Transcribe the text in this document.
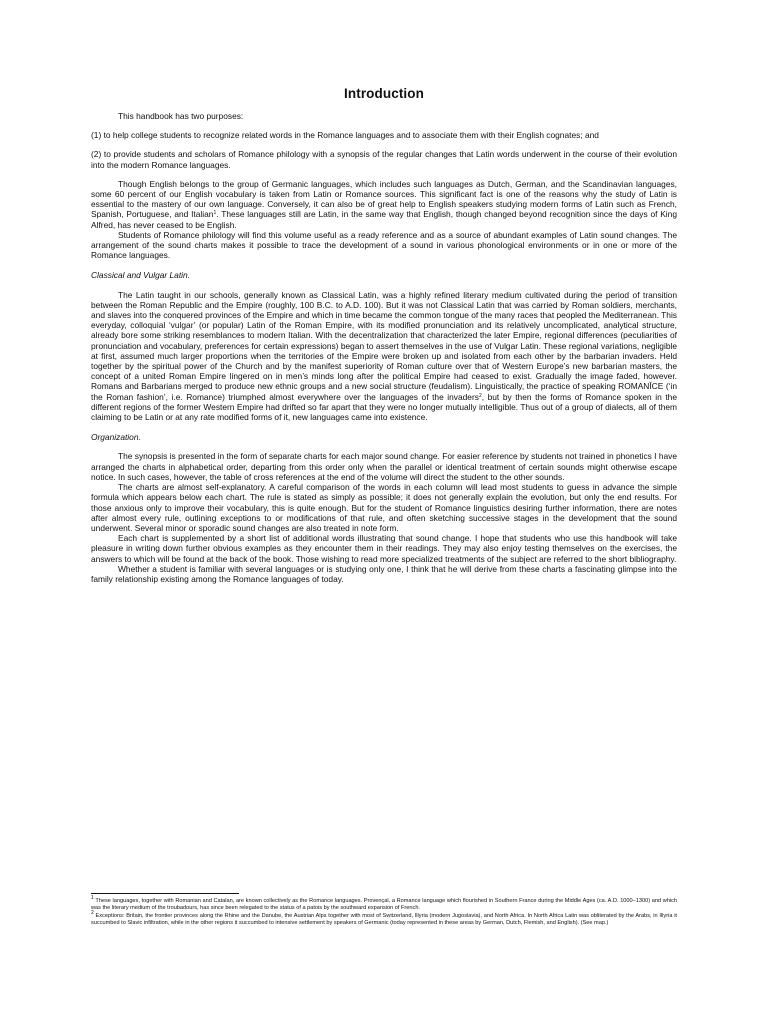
Introduction

This handbook has two purposes:

(1) to help college students to recognize related words in the Romance languages and to associate them with their English cognates; and

(2) to provide students and scholars of Romance philology with a synopsis of the regular changes that Latin words underwent in the course of their evolution into the modern Romance languages.

Though English belongs to the group of Germanic languages, which includes such languages as Dutch, German, and the Scandinavian languages, some 60 percent of our English vocabulary is taken from Latin or Romance sources. This significant fact is one of the reasons why the study of Latin is essential to the mastery of our own language. Conversely, it can also be of great help to English speakers studying modern forms of Latin such as French, Spanish, Portuguese, and Italian$^1$. These languages still are Latin, in the same way that English, though changed beyond recognition since the days of King Alfred, has never ceased to be English.

Students of Romance philology will find this volume useful as a ready reference and as a source of abundant examples of Latin sound changes. The arrangement of the sound charts makes it possible to trace the development of a sound in various phonological environments or in one or more of the Romance languages.

Classical and Vulgar Latin.

The Latin taught in our schools, generally known as Classical Latin, was a highly refined literary medium cultivated during the period of transition between the Roman Republic and the Empire (roughly, 100 B.C. to A.D. 100). But it was not Classical Latin that was carried by Roman soldiers, merchants, and slaves into the conquered provinces of the Empire and which in time became the common tongue of the many races that peopled the Mediterranean. This everyday, colloquial ‘vulgar’ (or popular) Latin of the Roman Empire, with its modified pronunciation and its relatively uncomplicated, analytical structure, already bore some striking resemblances to modern Italian. With the decentralization that characterized the later Empire, regional differences (peculiarities of pronunciation and vocabulary, preferences for certain expressions) began to assert themselves in the use of Vulgar Latin. These regional variations, negligible at first, assumed much larger proportions when the territories of the Empire were broken up and isolated from each other by the barbarian invaders. Held together by the spiritual power of the Church and by the manifest superiority of Roman culture over that of Western Europe’s new barbarian masters, the concept of a united Roman Empire lingered on in men’s minds long after the political Empire had ceased to exist. Gradually the image faded, however. Romans and Barbarians merged to produce new ethnic groups and a new social structure (feudalism). Linguistically, the practice of speaking ROMANĬCE (‘in the Roman fashion’, i.e. Romance) triumphed almost everywhere over the languages of the invaders$^2$, but by then the forms of Romance spoken in the different regions of the former Western Empire had drifted so far apart that they were no longer mutually intelligible. Thus out of a group of dialects, all of them claiming to be Latin or at any rate modified forms of it, new languages came into existence.

Organization.

The synopsis is presented in the form of separate charts for each major sound change. For easier reference by students not trained in phonetics I have arranged the charts in alphabetical order, departing from this order only when the parallel or identical treatment of certain sounds might otherwise escape notice. In such cases, however, the table of cross references at the end of the volume will direct the student to the other sounds.

The charts are almost self-explanatory. A careful comparison of the words in each column will lead most students to guess in advance the simple formula which appears below each chart. The rule is stated as simply as possible; it does not generally explain the evolution, but only the end results. For those anxious only to improve their vocabulary, this is quite enough. But for the student of Romance linguistics desiring further information, there are notes after almost every rule, outlining exceptions to or modifications of that rule, and often sketching successive stages in the development that the sound underwent. Several minor or sporadic sound changes are also treated in note form.

Each chart is supplemented by a short list of additional words illustrating that sound change. I hope that students who use this handbook will take pleasure in writing down further obvious examples as they encounter them in their readings. They may also enjoy testing themselves on the exercises, the answers to which will be found at the back of the book. Those wishing to read more specialized treatments of the subject are referred to the short bibliography.

Whether a student is familiar with several languages or is studying only one, I think that he will derive from these charts a fascinating glimpse into the family relationship existing among the Romance languages of today.

$^1$ These languages, together with Romanian and Catalan, are known collectively as the Romance languages. Provençal, a Romance language which flourished in Southern France during the Middle Ages (ca. A.D. 1000–1300) and which was the literary medium of the troubadours, has since been relegated to the status of a patois by the southward expansion of French.

$^2$ Exceptions: Britain, the frontier provinces along the Rhine and the Danube, the Austrian Alps together with most of Switzerland, Illyria (modern Jugoslavia), and North Africa. In North Africa Latin was obliterated by the Arabs, in Illyria it succumbed to Slavic infiltration, while in the other regions it succumbed to intensive settlement by speakers of Germanic (today represented in these areas by German, Dutch, Flemish, and English). (See map.)
